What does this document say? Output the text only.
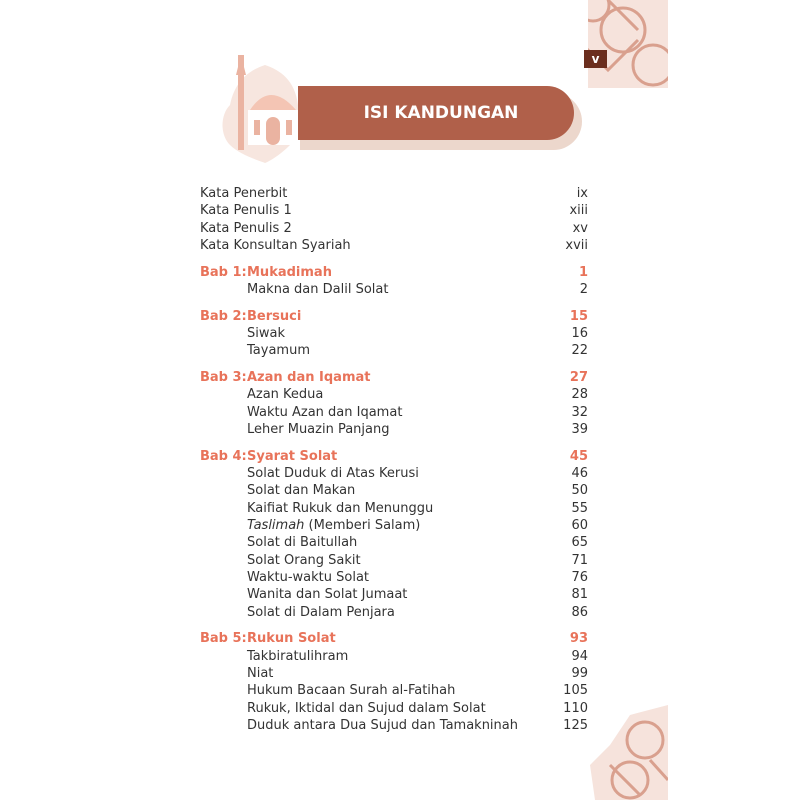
v
ISI KANDUNGAN
Kata Penerbit	ix
Kata Penulis 1	xiii
Kata Penulis 2	xv
Kata Konsultan Syariah	xvii
Bab 1: Mukadimah	1
Makna dan Dalil Solat	2
Bab 2: Bersuci	15
Siwak	16
Tayamum	22
Bab 3: Azan dan Iqamat	27
Azan Kedua	28
Waktu Azan dan Iqamat	32
Leher Muazin Panjang	39
Bab 4: Syarat Solat	45
Solat Duduk di Atas Kerusi	46
Solat dan Makan	50
Kaifiat Rukuk dan Menunggu	55
Taslimah (Memberi Salam)	60
Solat di Baitullah	65
Solat Orang Sakit	71
Waktu-waktu Solat	76
Wanita dan Solat Jumaat	81
Solat di Dalam Penjara	86
Bab 5: Rukun Solat	93
Takbiratulihram	94
Niat	99
Hukum Bacaan Surah al-Fatihah	105
Rukuk, Iktidal dan Sujud dalam Solat	110
Duduk antara Dua Sujud dan Tamakninah	125
